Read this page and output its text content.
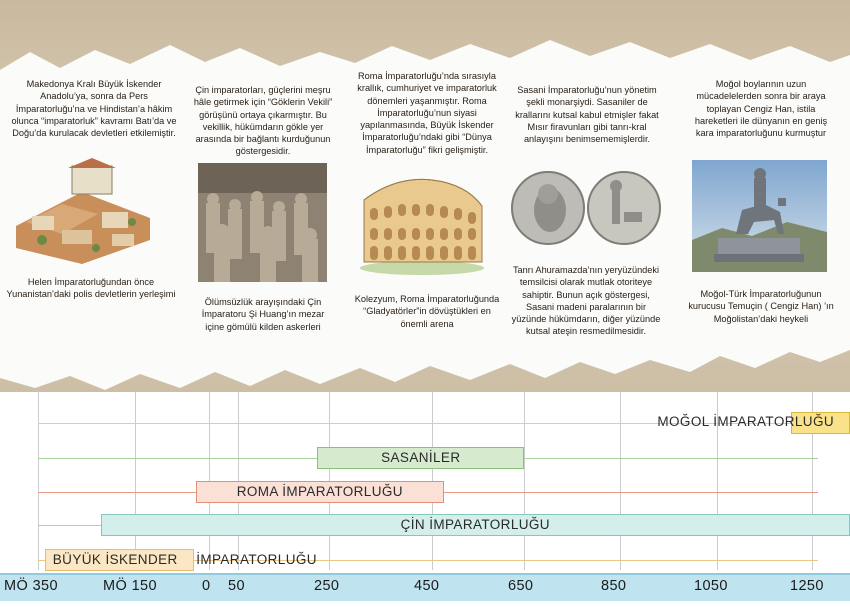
Makedonya Kralı Büyük İskender Anadolu’ya, sonra da Pers İmparatorluğu’na ve Hindistan’a hâkim olunca “imparatorluk” kavramı Batı’da ve Doğu’da kurulacak devletleri etkilemiştir.
Helen İmparatorluğundan önce Yunanistan’daki polis devletlerin yerleşimi
Çin imparatorları, güçlerini meşru hâle getirmek için “Göklerin Vekili” görüşünü ortaya çıkarmıştır. Bu vekillik, hükümdarın gökle yer arasında bir bağlantı kurduğunun göstergesidir.
Ölümsüzlük arayışındaki Çin İmparatoru Şi Huang’ın mezar içine gömülü kilden askerleri
Roma İmparatorluğu’nda sırasıyla krallık, cumhuriyet ve imparatorluk dönemleri yaşanmıştır. Roma İmparatorluğu’nun siyasi yapılanmasında, Büyük İskender İmparatorluğu’ndaki gibi “Dünya İmparatorluğu” fikri gelişmiştir.
Kolezyum, Roma İmparatorluğunda “Gladyatörler”in dövüştükleri en önemli arena
Sasani İmparatorluğu’nun yönetim şekli monarşiydi. Sasaniler de krallarını kutsal kabul etmişler fakat Mısır firavunları gibi tanrı-kral anlayışını benimsememişlerdir.
Tanrı Ahuramazda’nın yeryüzündeki temsilcisi olarak mutlak otoriteye sahiptir. Bunun açık göstergesi, Sasani madeni paralarının bir yüzünde hükümdarın, diğer yüzünde kutsal ateşin resmedilmesidir.
Moğol boylarının uzun mücadelelerden sonra bir araya toplayan Cengiz Han, istila hareketleri ile dünyanın en geniş kara imparatorluğunu kurmuştur
Moğol-Türk İmparatorluğunun kurucusu Temuçin ( Cengiz Han) ’ın Moğolistan’daki heykeli
MOĞOL İMPARATORLUĞU
SASANİLER
ROMA İMPARATORLUĞU
ÇİN İMPARATORLUĞU
BÜYÜK İSKENDER İMPARATORLUĞU
MÖ 350	MÖ 150	0 50	250	450	650	850	1050	1250
